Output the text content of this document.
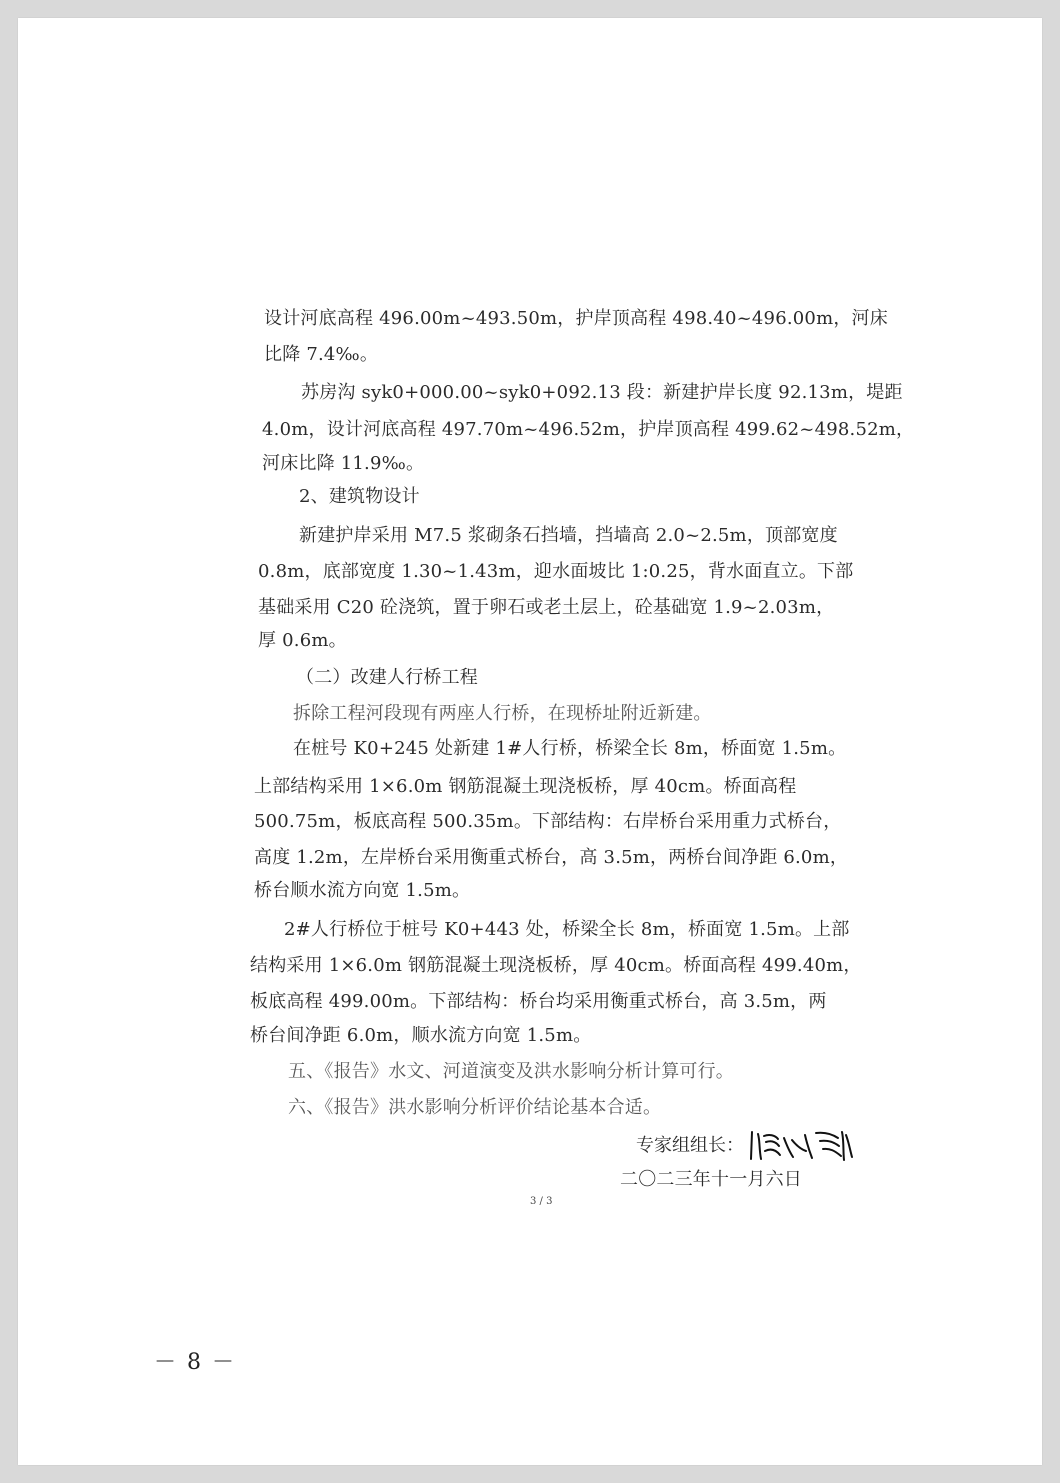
设计河底高程 496.00m~493.50m，护岸顶高程 498.40~496.00m，河床
比降 7.4‰。
苏房沟 syk0+000.00~syk0+092.13 段：新建护岸长度 92.13m，堤距
4.0m，设计河底高程 497.70m~496.52m，护岸顶高程 499.62~498.52m，
河床比降 11.9‰。
2、建筑物设计
新建护岸采用 M7.5 浆砌条石挡墙，挡墙高 2.0~2.5m，顶部宽度
0.8m，底部宽度 1.30~1.43m，迎水面坡比 1:0.25，背水面直立。下部
基础采用 C20 砼浇筑，置于卵石或老土层上，砼基础宽 1.9~2.03m，
厚 0.6m。
（二）改建人行桥工程
拆除工程河段现有两座人行桥，在现桥址附近新建。
在桩号 K0+245 处新建 1#人行桥，桥梁全长 8m，桥面宽 1.5m。
上部结构采用 1×6.0m 钢筋混凝土现浇板桥，厚 40cm。桥面高程
500.75m，板底高程 500.35m。下部结构：右岸桥台采用重力式桥台，
高度 1.2m，左岸桥台采用衡重式桥台，高 3.5m，两桥台间净距 6.0m，
桥台顺水流方向宽 1.5m。
2#人行桥位于桩号 K0+443 处，桥梁全长 8m，桥面宽 1.5m。上部
结构采用 1×6.0m 钢筋混凝土现浇板桥，厚 40cm。桥面高程 499.40m，
板底高程 499.00m。下部结构：桥台均采用衡重式桥台，高 3.5m，两
桥台间净距 6.0m，顺水流方向宽 1.5m。
五、《报告》水文、河道演变及洪水影响分析计算可行。
六、《报告》洪水影响分析评价结论基本合适。
专家组组长：
二〇二三年十一月六日
3 / 3
－ 8 －
